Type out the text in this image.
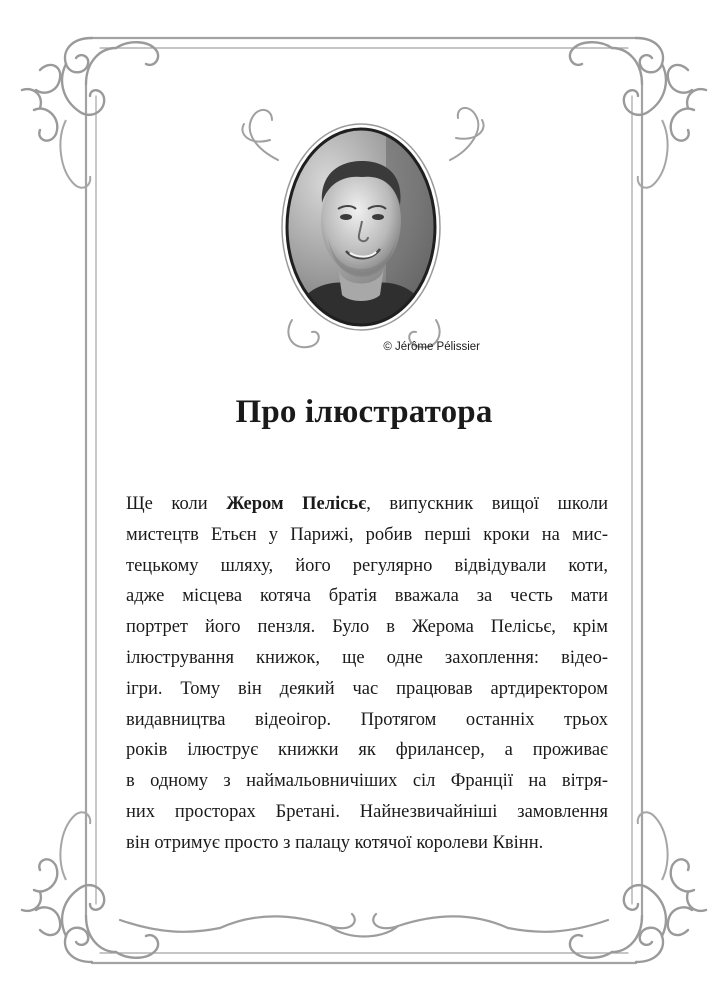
© Jérôme Pélissier
Про ілюстратора

Ще коли Жером Пелісьє, випускник вищої школи
мистецтв Етьєн у Парижі, робив перші кроки на мис-
тецькому шляху, його регулярно відвідували коти,
адже місцева котяча братія вважала за честь мати
портрет його пензля. Було в Жерома Пелісьє, крім
ілюстрування книжок, ще одне захоплення: відео-
ігри. Тому він деякий час працював артдиректором
видавництва відеоігор. Протягом останніх трьох
років ілюструє книжки як фрилансер, а проживає
в одному з наймальовничіших сіл Франції на вітря-
них просторах Бретані. Найнезвичайніші замовлення
він отримує просто з палацу котячої королеви Квінн.
